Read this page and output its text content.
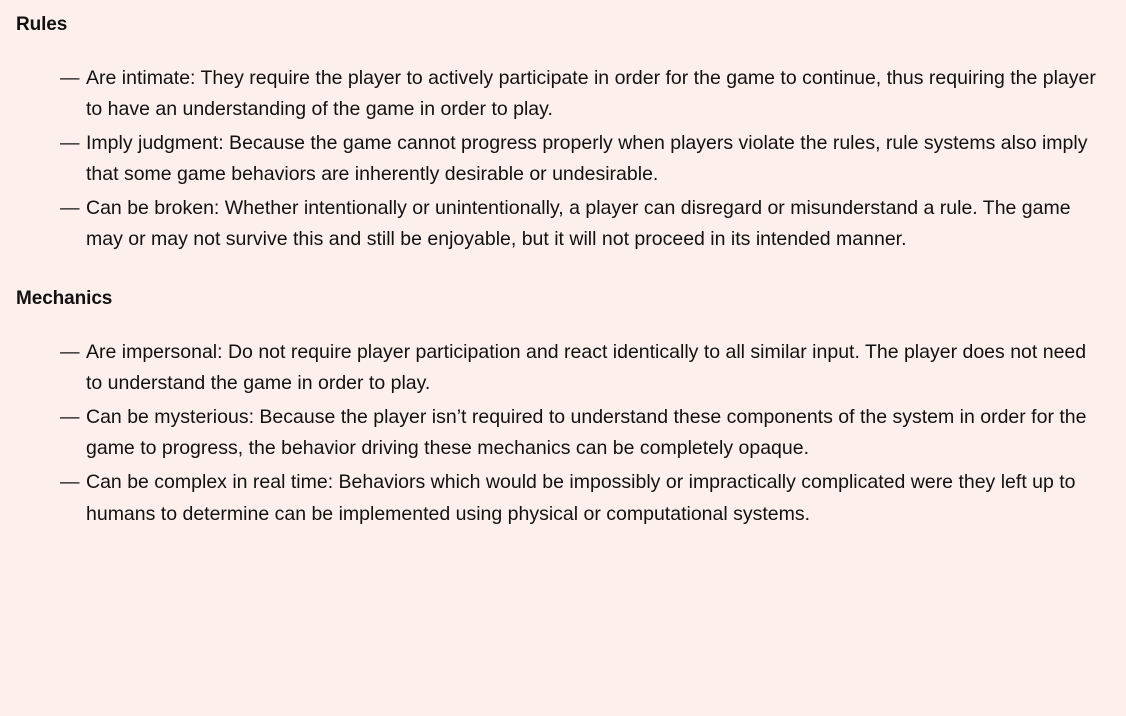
Rules
— Are intimate: They require the player to actively participate in order for the game to continue, thus requiring the player to have an understanding of the game in order to play.
— Imply judgment: Because the game cannot progress properly when players violate the rules, rule systems also imply that some game behaviors are inherently desirable or undesirable.
— Can be broken: Whether intentionally or unintentionally, a player can disregard or misunderstand a rule. The game may or may not survive this and still be enjoyable, but it will not proceed in its intended manner.
Mechanics
— Are impersonal: Do not require player participation and react identically to all similar input. The player does not need to understand the game in order to play.
— Can be mysterious: Because the player isn’t required to understand these components of the system in order for the game to progress, the behavior driving these mechanics can be completely opaque.
— Can be complex in real time: Behaviors which would be impossibly or impractically complicated were they left up to humans to determine can be implemented using physical or computational systems.
